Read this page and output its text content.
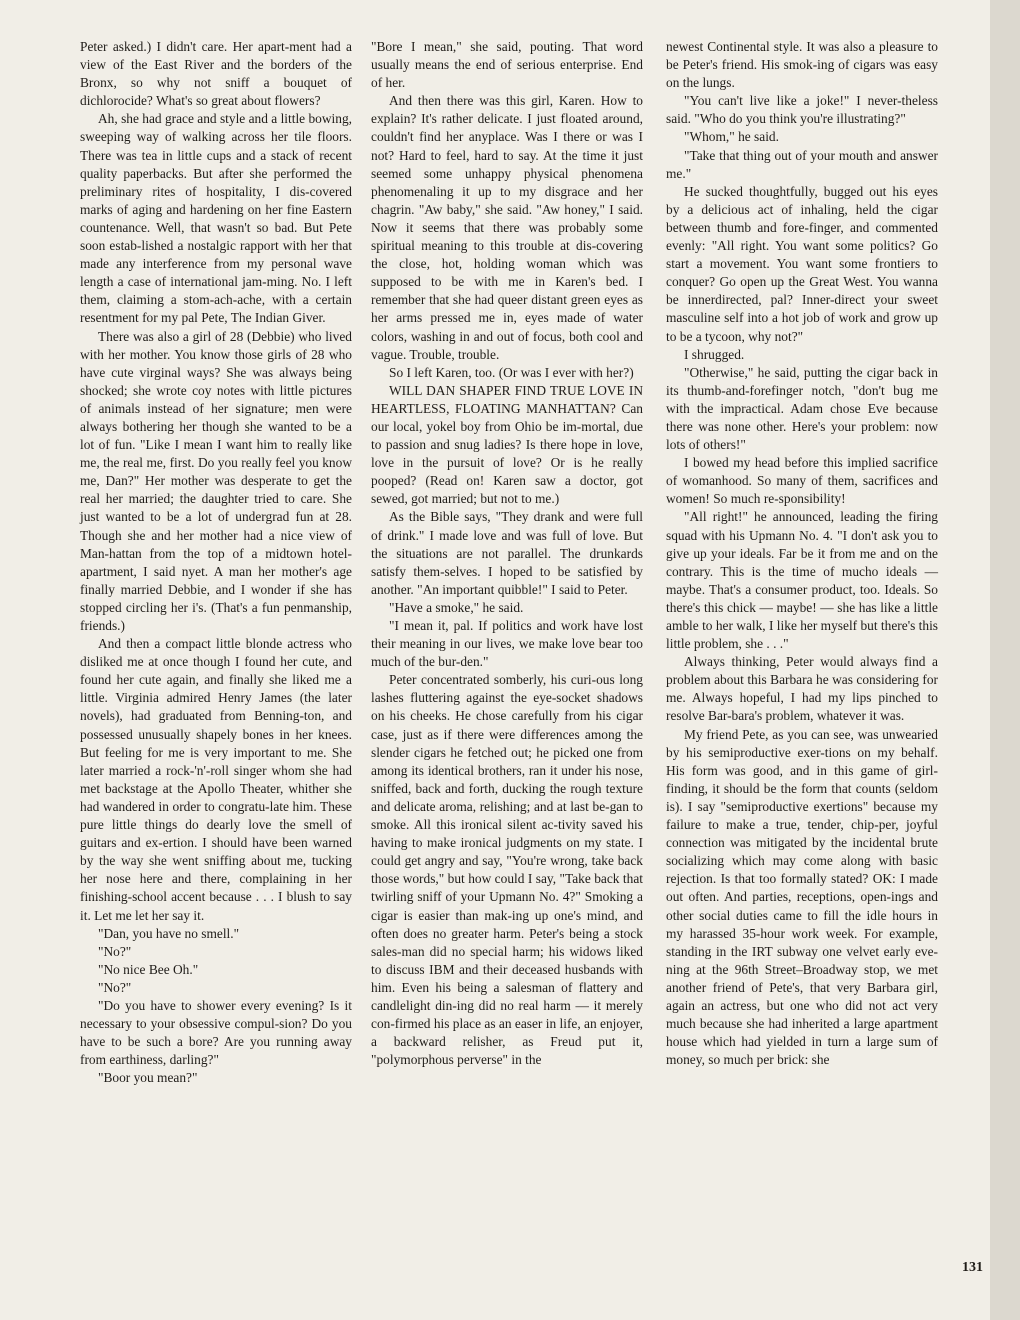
Peter asked.) I didn't care. Her apart-ment had a view of the East River and the borders of the Bronx, so why not sniff a bouquet of dichlorocide? What's so great about flowers?

Ah, she had grace and style and a little bowing, sweeping way of walking across her tile floors. There was tea in little cups and a stack of recent quality paperbacks. But after she performed the preliminary rites of hospitality, I dis-covered marks of aging and hardening on her fine Eastern countenance. Well, that wasn't so bad. But Pete soon estab-lished a nostalgic rapport with her that made any interference from my personal wave length a case of international jam-ming. No. I left them, claiming a stom-ach-ache, with a certain resentment for my pal Pete, The Indian Giver.

There was also a girl of 28 (Debbie) who lived with her mother. You know those girls of 28 who have cute virginal ways? She was always being shocked; she wrote coy notes with little pictures of animals instead of her signature; men were always bothering her though she wanted to be a lot of fun. "Like I mean I want him to really like me, the real me, first. Do you really feel you know me, Dan?" Her mother was desperate to get the real her married; the daughter tried to care. She just wanted to be a lot of undergrad fun at 28. Though she and her mother had a nice view of Man-hattan from the top of a midtown hotel-apartment, I said nyet. A man her mother's age finally married Debbie, and I wonder if she has stopped circling her i's. (That's a fun penmanship, friends.)

And then a compact little blonde actress who disliked me at once though I found her cute, and found her cute again, and finally she liked me a little. Virginia admired Henry James (the later novels), had graduated from Benning-ton, and possessed unusually shapely bones in her knees. But feeling for me is very important to me. She later married a rock-'n'-roll singer whom she had met backstage at the Apollo Theater, whither she had wandered in order to congratu-late him. These pure little things do dearly love the smell of guitars and ex-ertion. I should have been warned by the way she went sniffing about me, tucking her nose here and there, complaining in her finishing-school accent because . . . I blush to say it. Let me let her say it.

"Dan, you have no smell."

"No?"

"No nice Bee Oh."

"No?"

"Do you have to shower every evening? Is it necessary to your obsessive compul-sion? Do you have to be such a bore? Are you running away from earthiness, darling?"

"Boor you mean?"

"Bore I mean," she said, pouting. That word usually means the end of serious enterprise. End of her.

And then there was this girl, Karen. How to explain? It's rather delicate. I just floated around, couldn't find her anyplace. Was I there or was I not? Hard to feel, hard to say. At the time it just seemed some unhappy physical phenomena phenomenaling it up to my disgrace and her chagrin. "Aw baby," she said. "Aw honey," I said. Now it seems that there was probably some spiritual meaning to this trouble at dis-covering the close, hot, holding woman which was supposed to be with me in Karen's bed. I remember that she had queer distant green eyes as her arms pressed me in, eyes made of water colors, washing in and out of focus, both cool and vague. Trouble, trouble.

So I left Karen, too. (Or was I ever with her?)

WILL DAN SHAPER FIND TRUE LOVE IN HEARTLESS, FLOATING MANHATTAN? Can our local, yokel boy from Ohio be im-mortal, due to passion and snug ladies? Is there hope in love, love in the pursuit of love? Or is he really pooped? (Read on! Karen saw a doctor, got sewed, got married; but not to me.)

As the Bible says, "They drank and were full of drink." I made love and was full of love. But the situations are not parallel. The drunkards satisfy them-selves. I hoped to be satisfied by another. "An important quibble!" I said to Peter.

"Have a smoke," he said.

"I mean it, pal. If politics and work have lost their meaning in our lives, we make love bear too much of the bur-den."

Peter concentrated somberly, his curi-ous long lashes fluttering against the eye-socket shadows on his cheeks. He chose carefully from his cigar case, just as if there were differences among the slender cigars he fetched out; he picked one from among its identical brothers, ran it under his nose, sniffed, back and forth, ducking the rough texture and delicate aroma, relishing; and at last be-gan to smoke. All this ironical silent ac-tivity saved his having to make ironical judgments on my state. I could get angry and say, "You're wrong, take back those words," but how could I say, "Take back that twirling sniff of your Upmann No. 4?" Smoking a cigar is easier than mak-ing up one's mind, and often does no greater harm. Peter's being a stock sales-man did no special harm; his widows liked to discuss IBM and their deceased husbands with him. Even his being a salesman of flattery and candlelight din-ing did no real harm — it merely con-firmed his place as an easer in life, an enjoyer, a backward relisher, as Freud put it, "polymorphous perverse" in the

newest Continental style. It was also a pleasure to be Peter's friend. His smok-ing of cigars was easy on the lungs.

"You can't live like a joke!" I never-theless said. "Who do you think you're illustrating?"

"Whom," he said.

"Take that thing out of your mouth and answer me."

He sucked thoughtfully, bugged out his eyes by a delicious act of inhaling, held the cigar between thumb and fore-finger, and commented evenly: "All right. You want some politics? Go start a movement. You want some frontiers to conquer? Go open up the Great West. You wanna be innerdirected, pal? Inner-direct your sweet masculine self into a hot job of work and grow up to be a tycoon, why not?"

I shrugged.

"Otherwise," he said, putting the cigar back in its thumb-and-forefinger notch, "don't bug me with the impractical. Adam chose Eve because there was none other. Here's your problem: now lots of others!"

I bowed my head before this implied sacrifice of womanhood. So many of them, sacrifices and women! So much re-sponsibility!

"All right!" he announced, leading the firing squad with his Upmann No. 4. "I don't ask you to give up your ideals. Far be it from me and on the contrary. This is the time of mucho ideals — maybe. That's a consumer product, too. Ideals. So there's this chick — maybe! — she has like a little amble to her walk, I like her myself but there's this little problem, she . . ."

Always thinking, Peter would always find a problem about this Barbara he was considering for me. Always hopeful, I had my lips pinched to resolve Bar-bara's problem, whatever it was.

My friend Pete, as you can see, was unwearied by his semiproductive exer-tions on my behalf. His form was good, and in this game of girl-finding, it should be the form that counts (seldom is). I say "semiproductive exertions" because my failure to make a true, tender, chip-per, joyful connection was mitigated by the incidental brute socializing which may come along with basic rejection. Is that too formally stated? OK: I made out often. And parties, receptions, open-ings and other social duties came to fill the idle hours in my harassed 35-hour work week. For example, standing in the IRT subway one velvet early eve-ning at the 96th Street–Broadway stop, we met another friend of Pete's, that very Barbara girl, again an actress, but one who did not act very much because she had inherited a large apartment house which had yielded in turn a large sum of money, so much per brick: she

131
